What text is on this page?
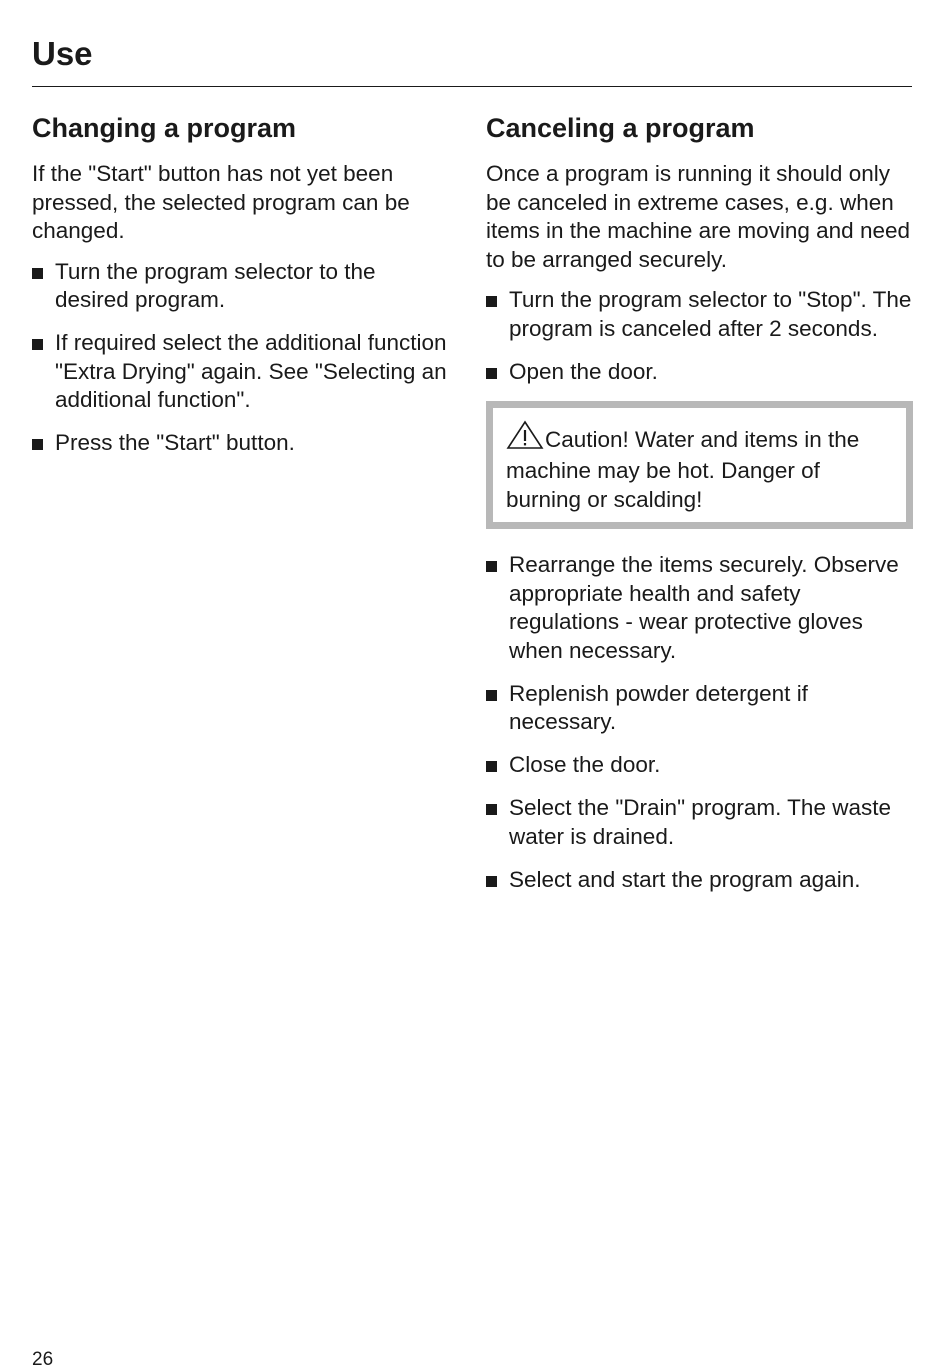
Use
Changing a program

If the "Start" button has not yet been pressed, the selected program can be changed.

Turn the program selector to the desired program.
If required select the additional function "Extra Drying" again. See "Selecting an additional function".
Press the "Start" button.
Canceling a program

Once a program is running it should only be canceled in extreme cases, e.g. when items in the machine are moving and need to be arranged securely.

Turn the program selector to "Stop". The program is canceled after 2 seconds.
Open the door.
Caution! Water and items in the machine may be hot. Danger of burning or scalding!
Rearrange the items securely. Observe appropriate health and safety regulations - wear protective gloves when necessary.
Replenish powder detergent if necessary.
Close the door.
Select the "Drain" program. The waste water is drained.
Select and start the program again.
26
